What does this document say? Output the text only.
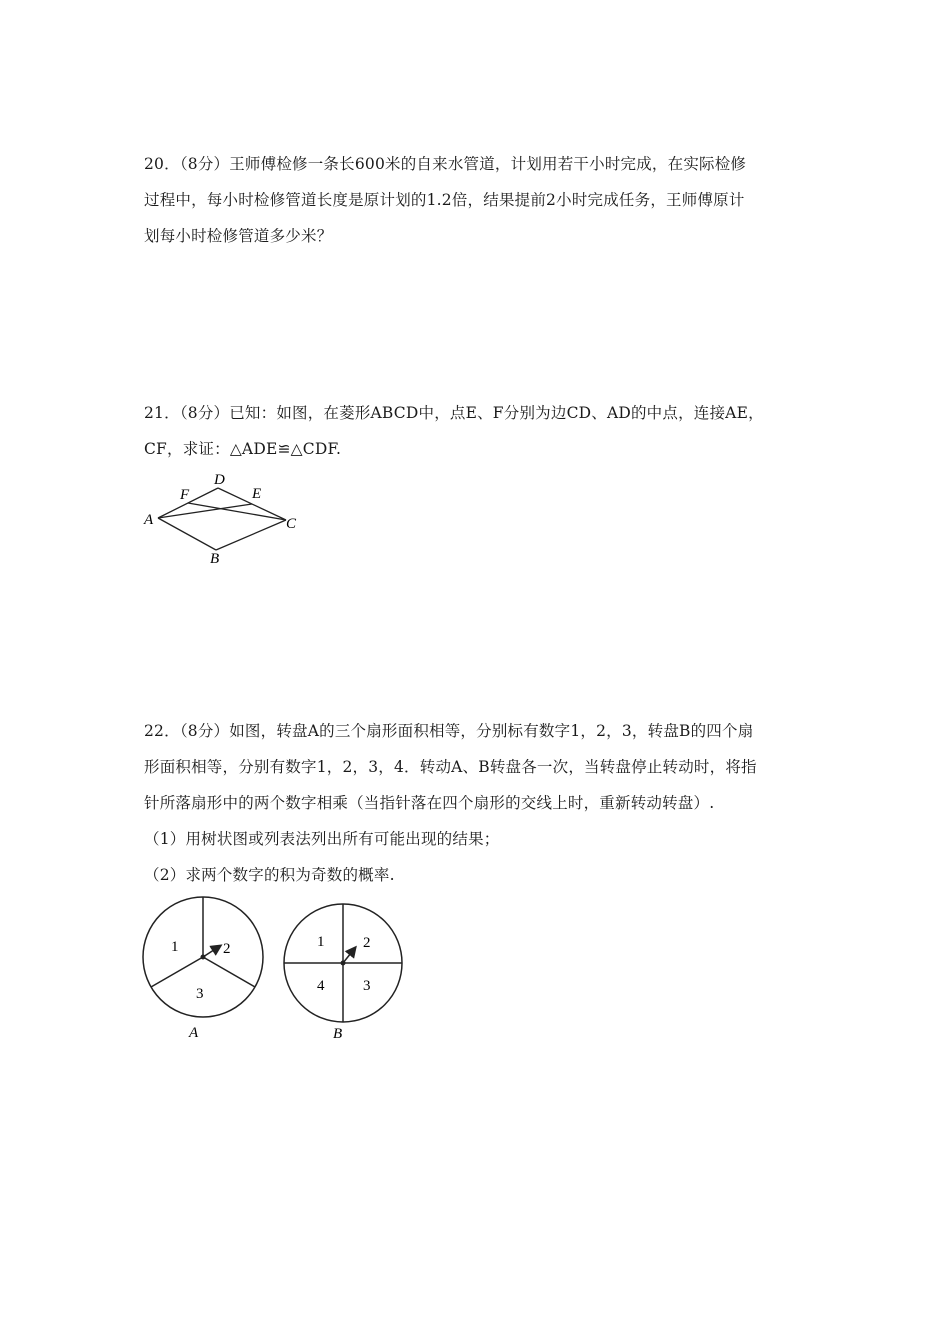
20．（8分）王师傅检修一条长600米的自来水管道，计划用若干小时完成，在实际检修
过程中，每小时检修管道长度是原计划的1.2倍，结果提前2小时完成任务，王师傅原计
划每小时检修管道多少米？
21．（8分）已知：如图，在菱形ABCD中，点E、F分别为边CD、AD的中点，连接AE，
CF，求证：△ADE≌△CDF.
A
B
C
D
E
F
22．（8分）如图，转盘A的三个扇形面积相等，分别标有数字1，2，3，转盘B的四个扇
形面积相等，分别有数字1，2，3，4．转动A、B转盘各一次，当转盘停止转动时，将指
针所落扇形中的两个数字相乘（当指针落在四个扇形的交线上时，重新转动转盘）.
（1）用树状图或列表法列出所有可能出现的结果；
（2）求两个数字的积为奇数的概率.
1	2
3
A
1	2
3
4
B
